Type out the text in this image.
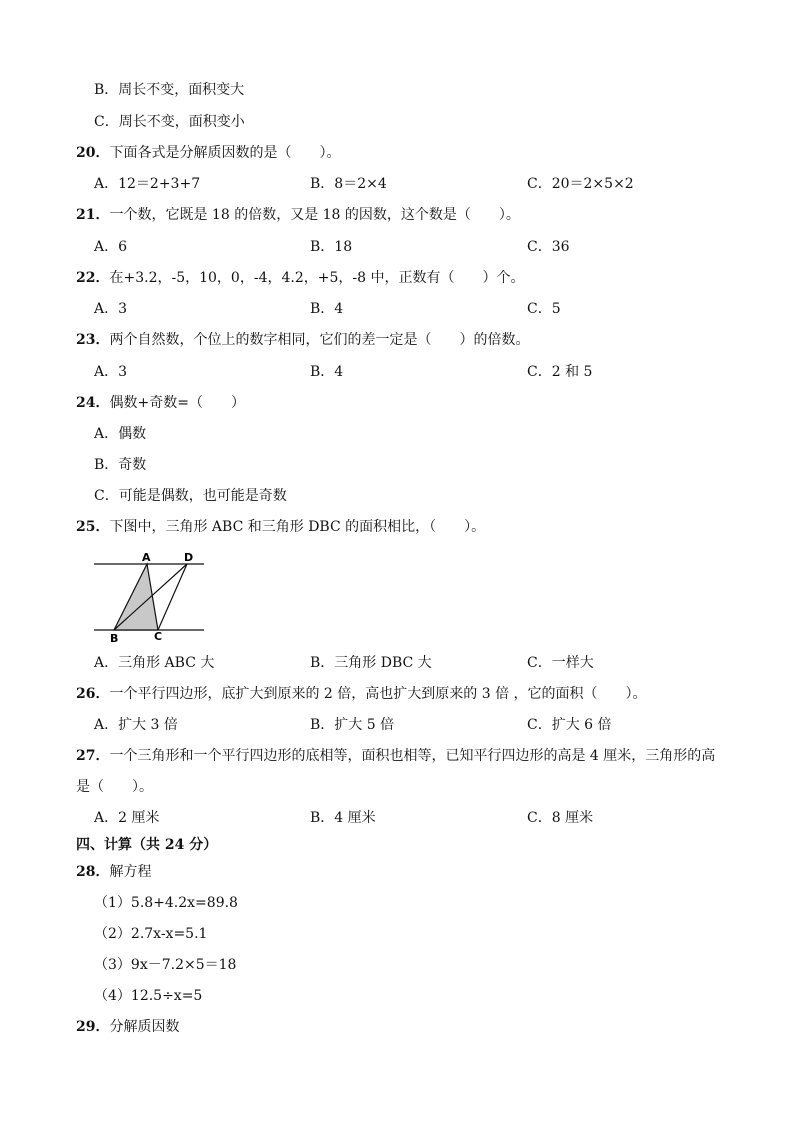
B．周长不变，面积变大
C．周长不变，面积变小
20．下面各式是分解质因数的是（　　）。
A．12＝2+3+7	B．8＝2×4	C．20＝2×5×2
21．一个数，它既是 18 的倍数，又是 18 的因数，这个数是（　　）。
A．6	B．18	C．36
22．在+3.2，-5，10，0，-4，4.2，+5，-8 中，正数有（　　）个。
A．3	B．4	C．5
23．两个自然数，个位上的数字相同，它们的差一定是（　　）的倍数。
A．3	B．4	C．2 和 5
24．偶数+奇数=（　　）
A．偶数
B．奇数
C．可能是偶数，也可能是奇数
25．下图中，三角形 ABC 和三角形 DBC 的面积相比，（　　）。
A	D
B	C
A．三角形 ABC 大	B．三角形 DBC 大	C．一样大
26．一个平行四边形，底扩大到原来的 2 倍，高也扩大到原来的 3 倍 ，它的面积（　　）。
A．扩大 3 倍	B．扩大 5 倍	C．扩大 6 倍
27．一个三角形和一个平行四边形的底相等，面积也相等，已知平行四边形的高是 4 厘米，三角形的高
是（　　）。
A．2 厘米	B．4 厘米	C．8 厘米
四、计算（共 24 分）
28．解方程
（1）5.8+4.2x=89.8
（2）2.7x-x=5.1
（3）9x－7.2×5＝18
（4）12.5÷x=5
29．分解质因数
